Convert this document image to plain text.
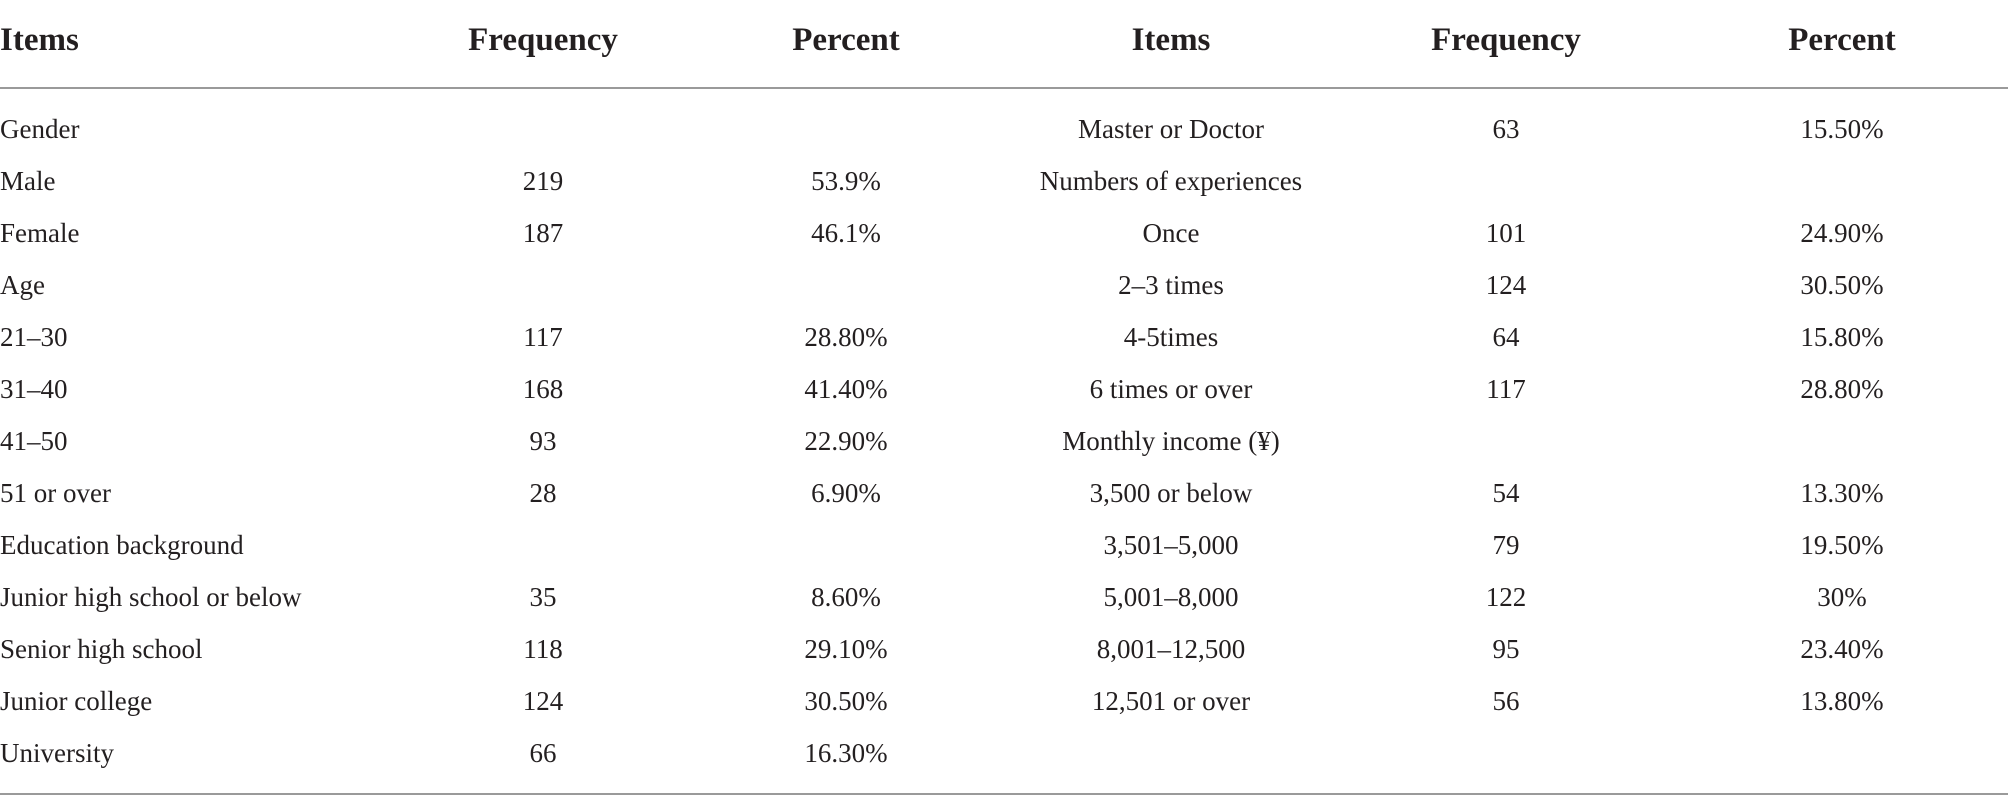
Items	Frequency	Percent	Items	Frequency	Percent

Gender			Master or Doctor	63	15.50%
Male	219	53.9%	Numbers of experiences		
Female	187	46.1%	Once	101	24.90%
Age			2–3 times	124	30.50%
21–30	117	28.80%	4-5times	64	15.80%
31–40	168	41.40%	6 times or over	117	28.80%
41–50	93	22.90%	Monthly income (¥)		
51 or over	28	6.90%	3,500 or below	54	13.30%
Education background			3,501–5,000	79	19.50%
Junior high school or below	35	8.60%	5,001–8,000	122	30%
Senior high school	118	29.10%	8,001–12,500	95	23.40%
Junior college	124	30.50%	12,501 or over	56	13.80%
University	66	16.30%			
